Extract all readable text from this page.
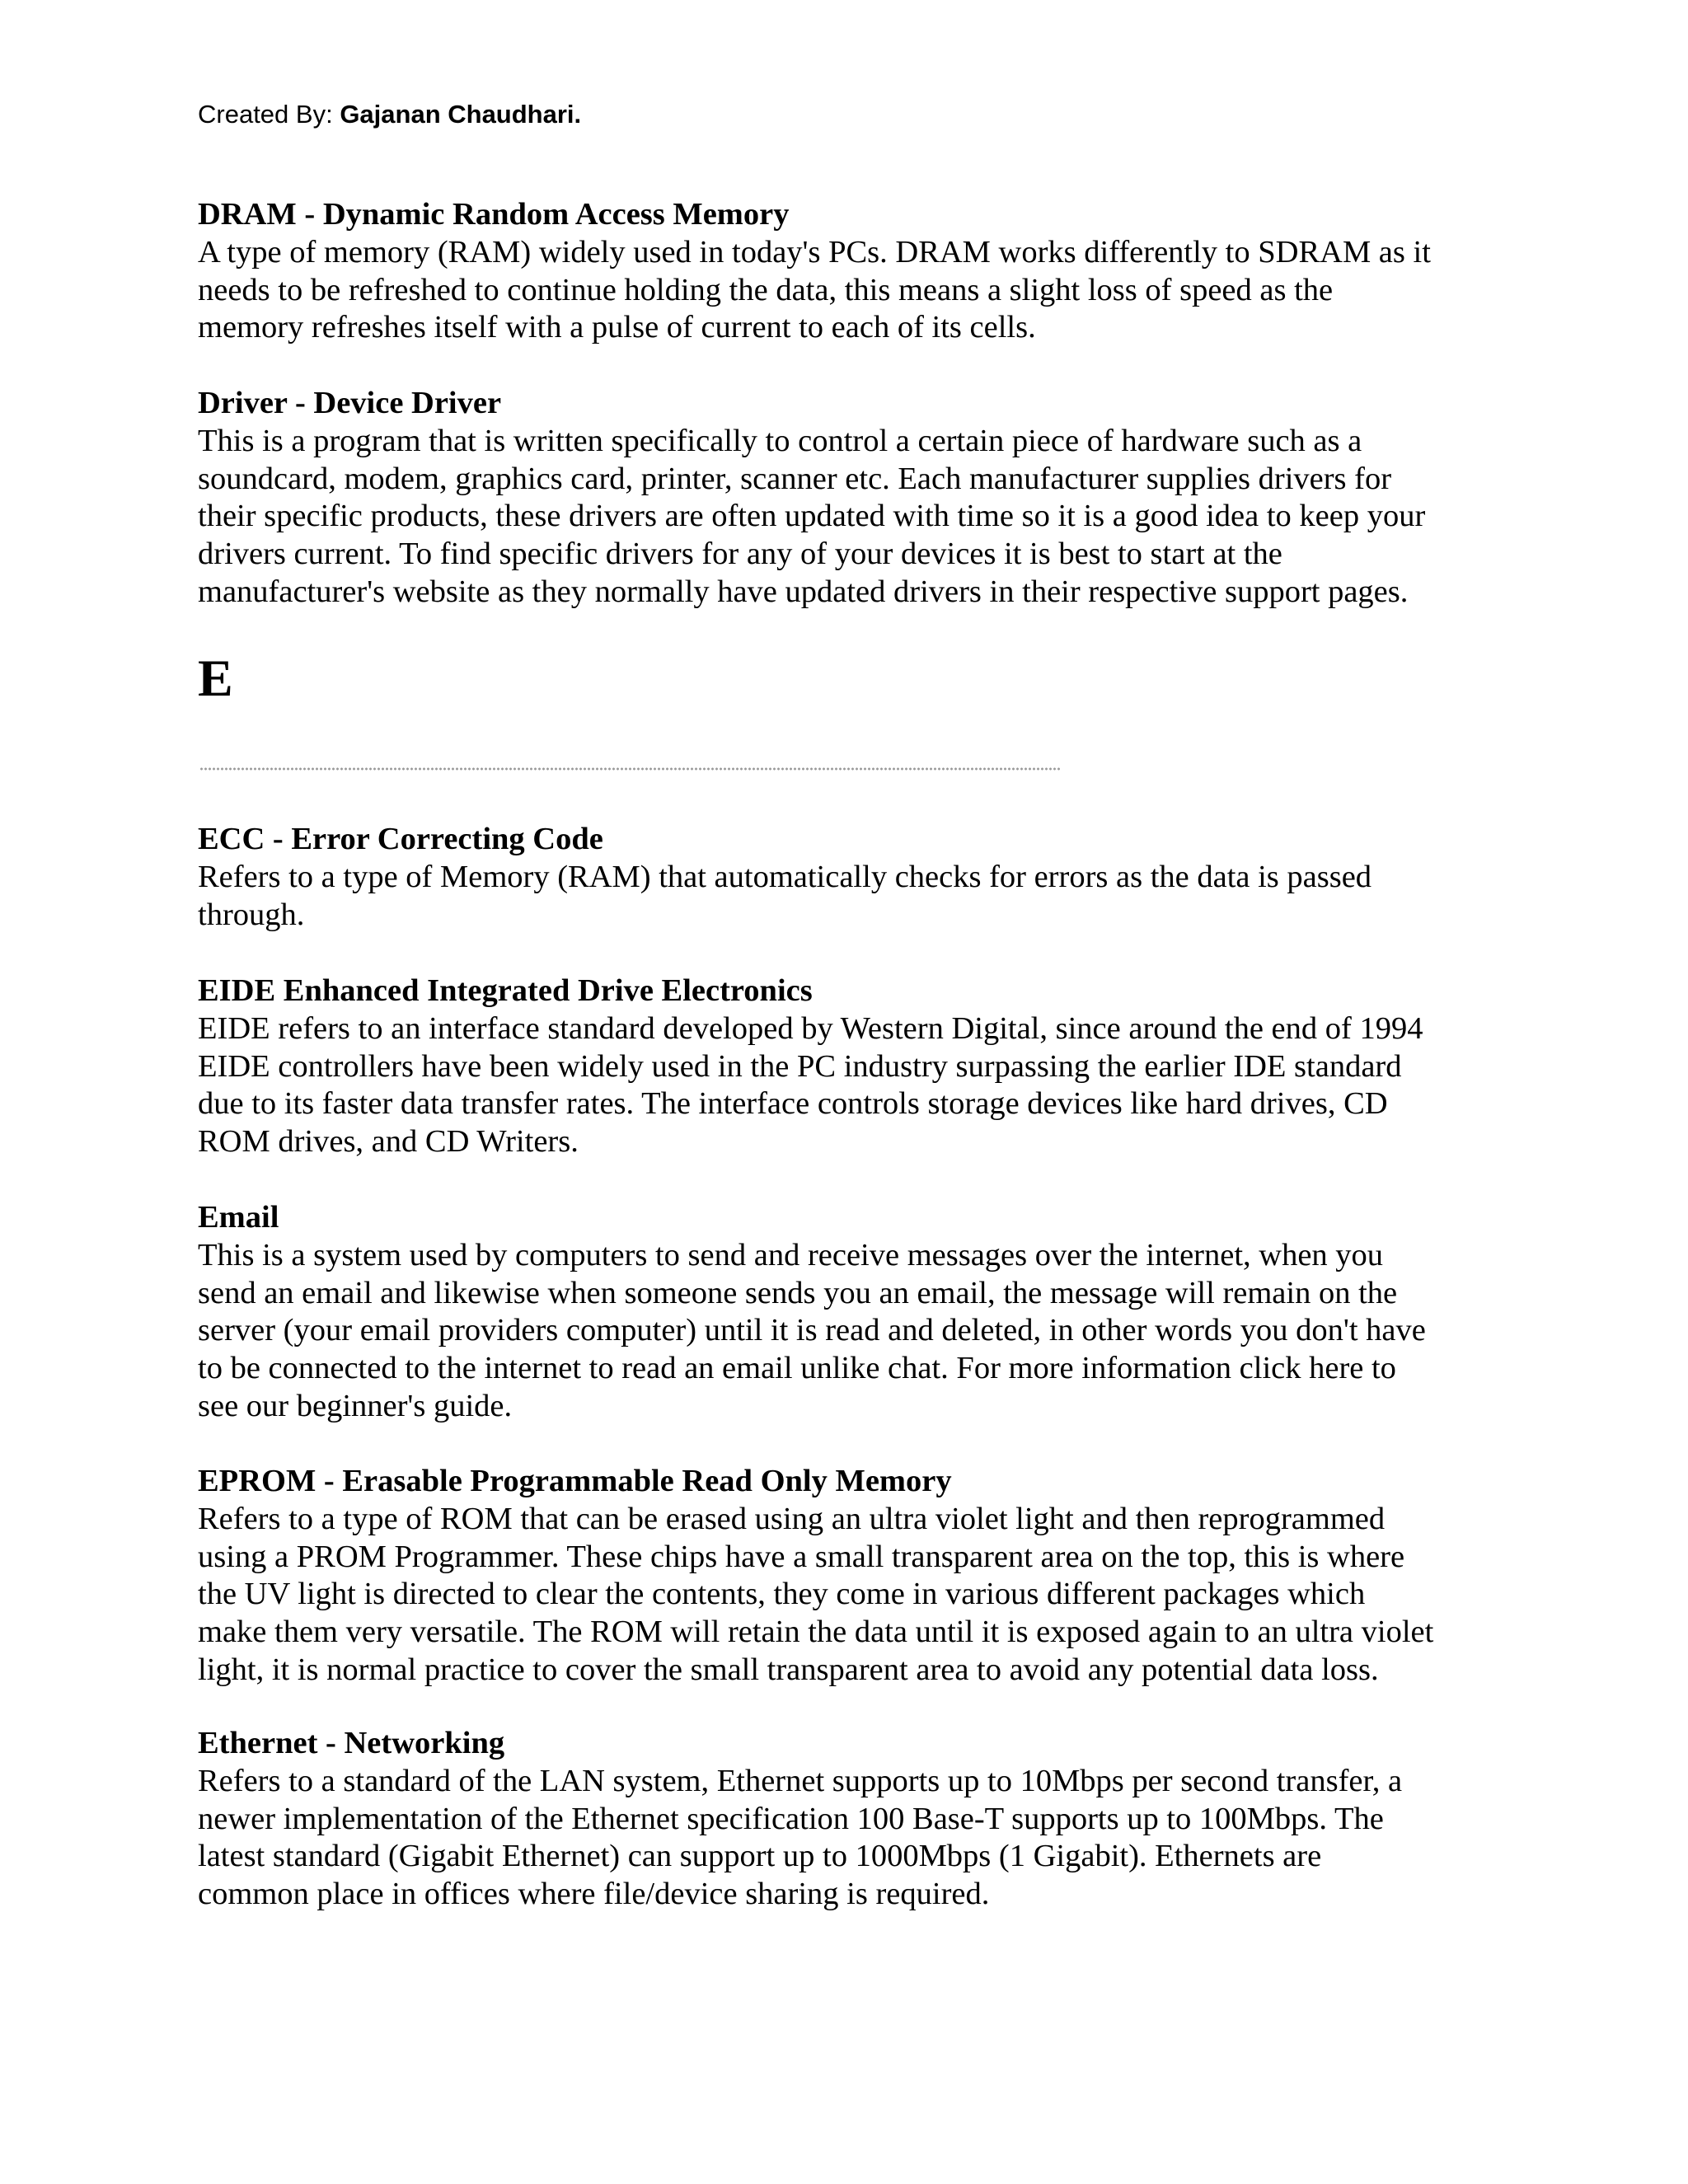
Created By: Gajanan Chaudhari.
DRAM - Dynamic Random Access Memory
A type of memory (RAM) widely used in today's PCs. DRAM works differently to SDRAM as it
needs to be refreshed to continue holding the data, this means a slight loss of speed as the
memory refreshes itself with a pulse of current to each of its cells.
Driver - Device Driver
This is a program that is written specifically to control a certain piece of hardware such as a
soundcard, modem, graphics card, printer, scanner etc. Each manufacturer supplies drivers for
their specific products, these drivers are often updated with time so it is a good idea to keep your
drivers current. To find specific drivers for any of your devices it is best to start at the
manufacturer's website as they normally have updated drivers in their respective support pages.
E
ECC - Error Correcting Code
Refers to a type of Memory (RAM) that automatically checks for errors as the data is passed
through.
EIDE Enhanced Integrated Drive Electronics
EIDE refers to an interface standard developed by Western Digital, since around the end of 1994
EIDE controllers have been widely used in the PC industry surpassing the earlier IDE standard
due to its faster data transfer rates. The interface controls storage devices like hard drives, CD
ROM drives, and CD Writers.
Email
This is a system used by computers to send and receive messages over the internet, when you
send an email and likewise when someone sends you an email, the message will remain on the
server (your email providers computer) until it is read and deleted, in other words you don't have
to be connected to the internet to read an email unlike chat. For more information click here to
see our beginner's guide.
EPROM - Erasable Programmable Read Only Memory
Refers to a type of ROM that can be erased using an ultra violet light and then reprogrammed
using a PROM Programmer. These chips have a small transparent area on the top, this is where
the UV light is directed to clear the contents, they come in various different packages which
make them very versatile. The ROM will retain the data until it is exposed again to an ultra violet
light, it is normal practice to cover the small transparent area to avoid any potential data loss.
Ethernet - Networking
Refers to a standard of the LAN system, Ethernet supports up to 10Mbps per second transfer, a
newer implementation of the Ethernet specification 100 Base-T supports up to 100Mbps. The
latest standard (Gigabit Ethernet) can support up to 1000Mbps (1 Gigabit). Ethernets are
common place in offices where file/device sharing is required.
